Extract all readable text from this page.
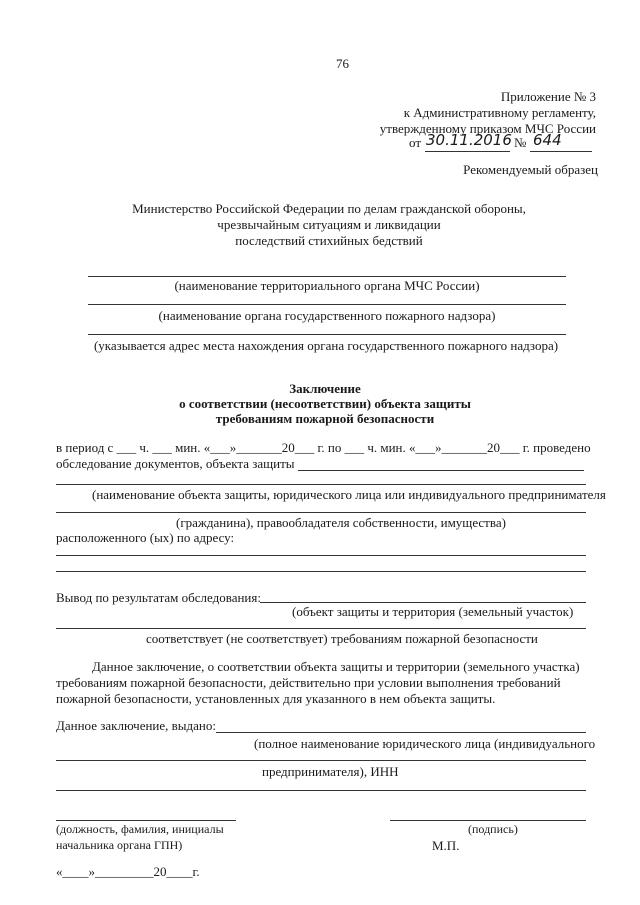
76
Приложение № 3
к Административному регламенту,
утвержденному приказом МЧС России
от 30.11.2016 № 644
Рекомендуемый образец
Министерство Российской Федерации по делам гражданской обороны,
чрезвычайным ситуациям и ликвидации
последствий стихийных бедствий
(наименование территориального органа МЧС России)
(наименование органа государственного пожарного надзора)
(указывается адрес места нахождения органа государственного пожарного надзора)
Заключение
о соответствии (несоответствии) объекта защиты
требованиям пожарной безопасности
в период с ___ ч. ___ мин. «___»_______20___ г. по ___ ч. мин. «___»_______20___ г. проведено
обследование документов, объекта защиты
(наименование объекта защиты, юридического лица или индивидуального предпринимателя
(гражданина), правообладателя собственности, имущества)
расположенного (ых) по адресу:
Вывод по результатам обследования:
(объект защиты и территория (земельный участок)
соответствует (не соответствует) требованиям пожарной безопасности
Данное заключение, о соответствии объекта защиты и территории (земельного участка)
требованиям пожарной безопасности, действительно при условии выполнения требований
пожарной безопасности, установленных для указанного в нем объекта защиты.
Данное заключение, выдано:
(полное наименование юридического лица (индивидуального
предпринимателя), ИНН
(должность, фамилия, инициалы
начальника органа ГПН)
(подпись)
М.П.
«____»_________20____г.
